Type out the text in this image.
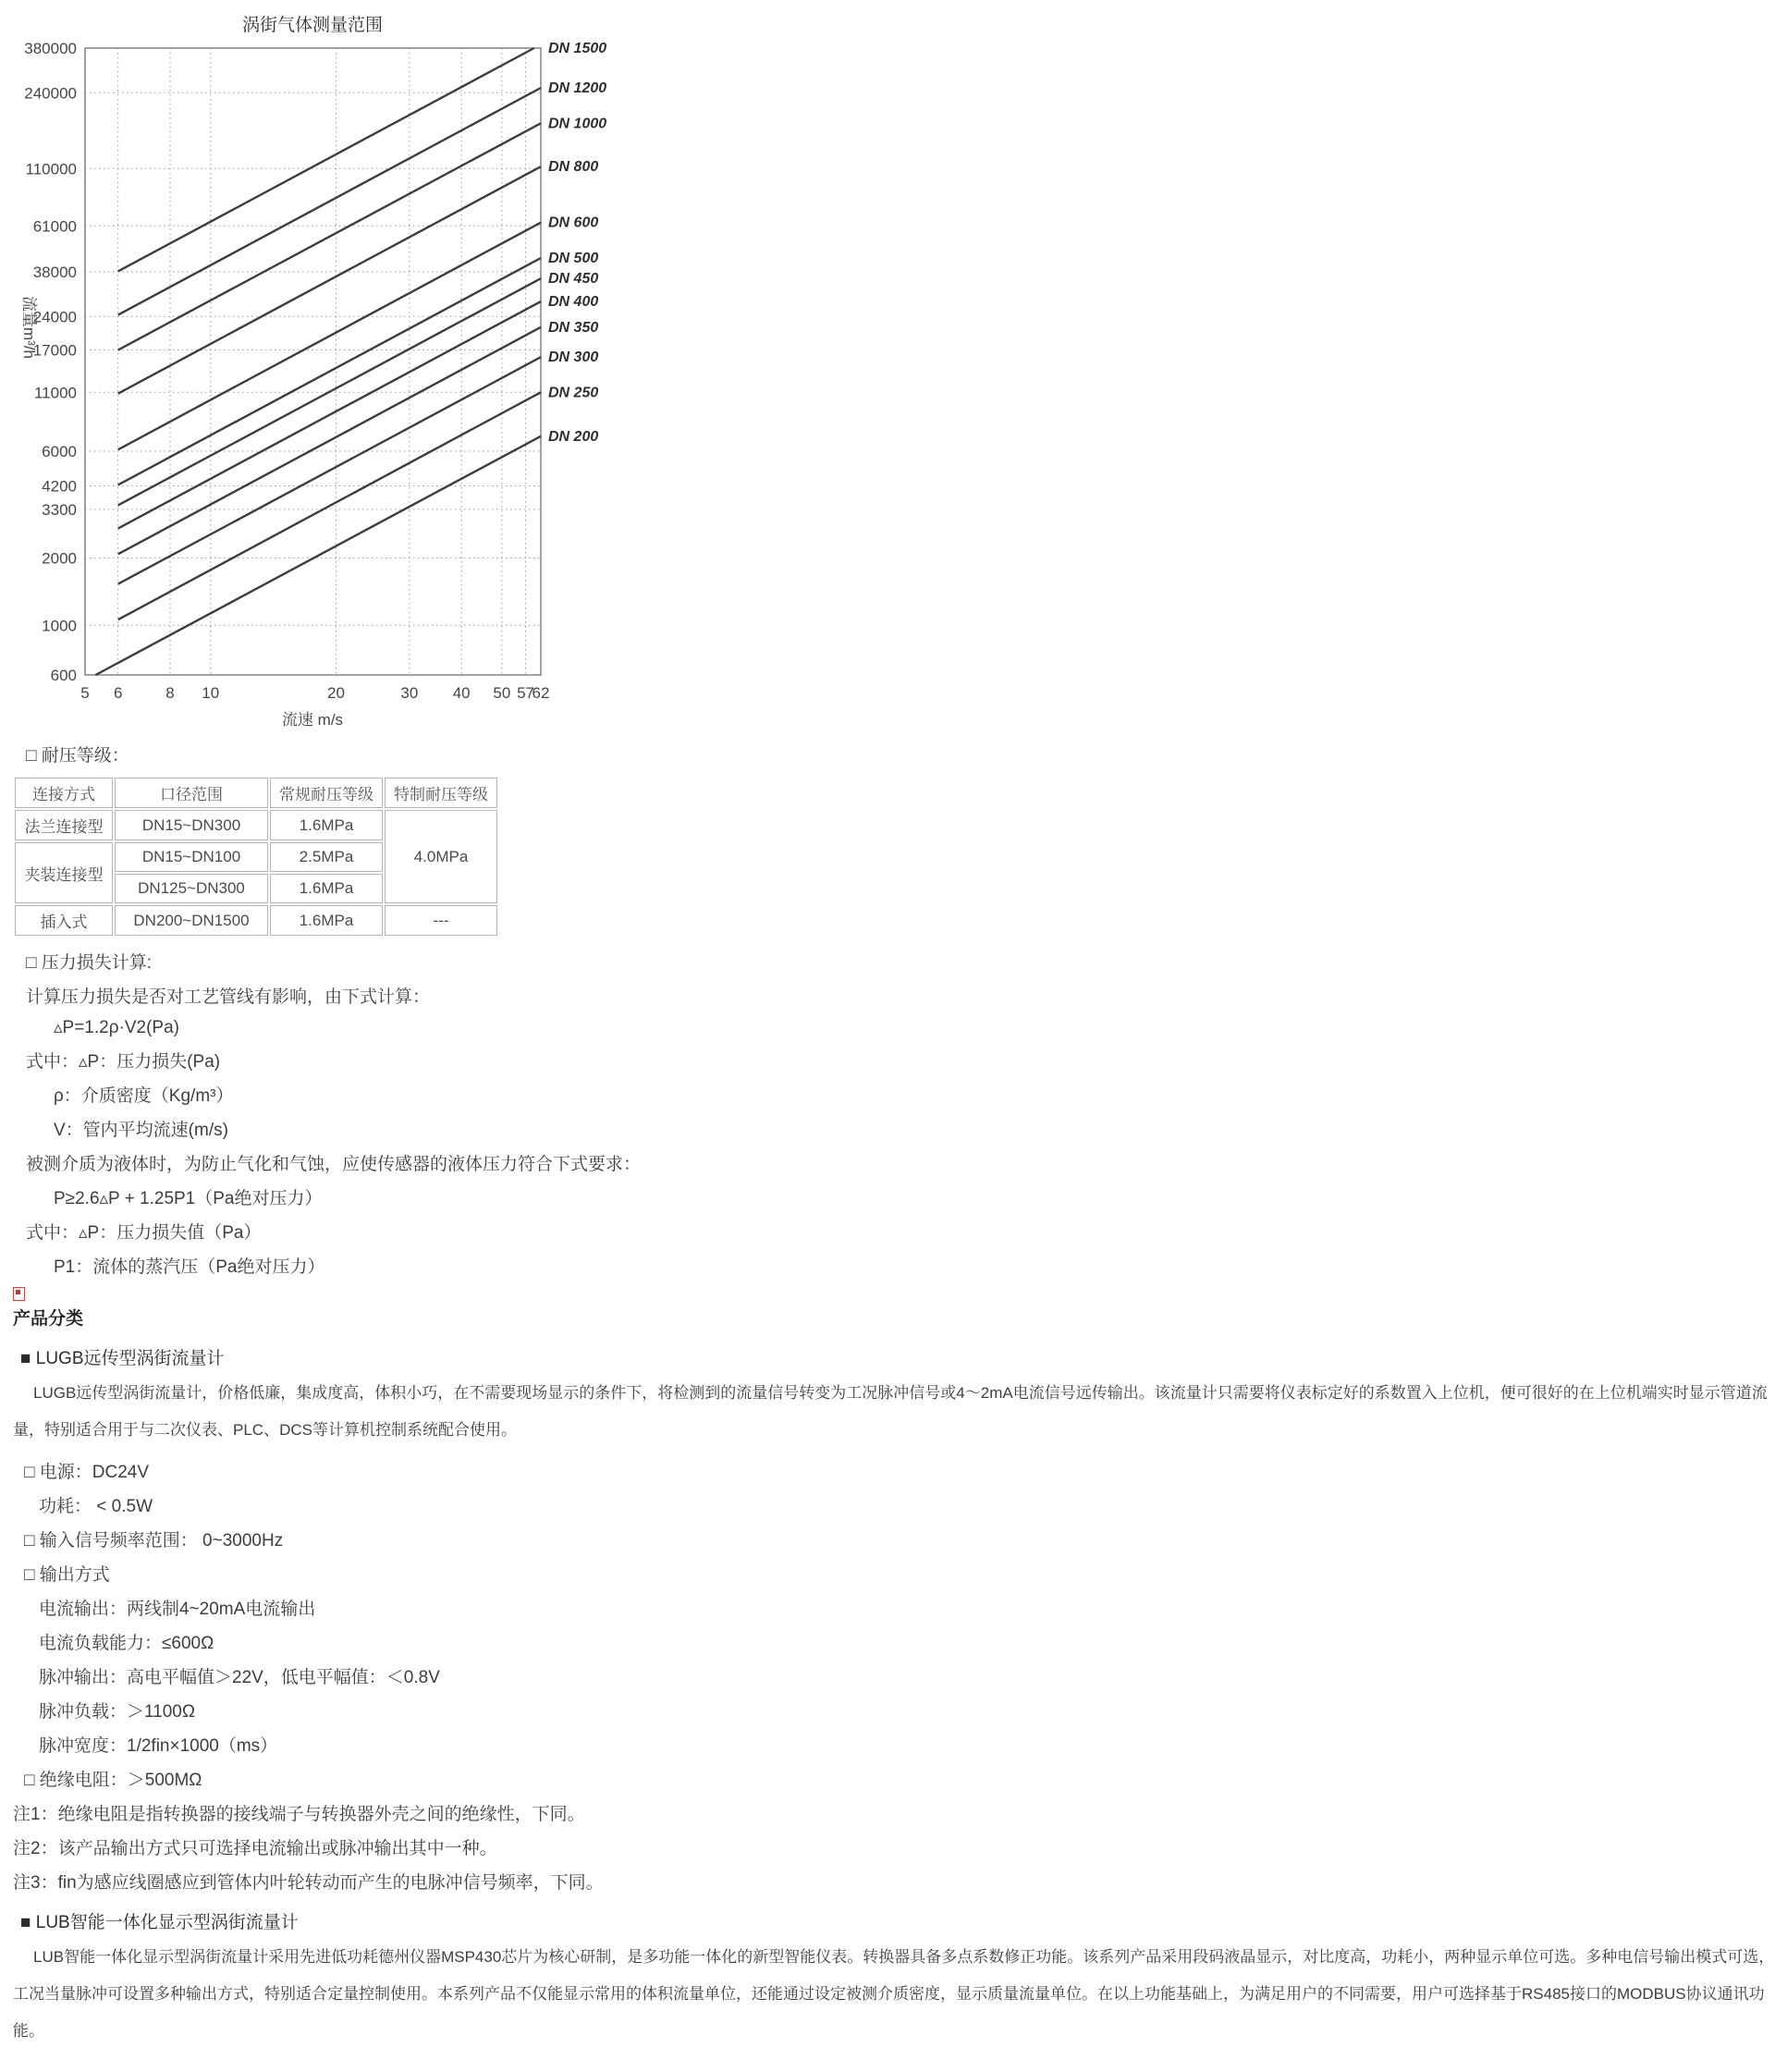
涡街气体测量范围
流速 m/s
流量m³/h
5 6	8 10	20	30 40 50 57
62
600
1000
2000
3300
4200
6000
11000
17000
24000
38000
61000
110000
240000
380000	DN 1500
DN 1200
DN 1000
DN 800
DN 600
DN 500
DN 450
DN 400
DN 350
DN 300
DN 250
DN 200
□ 耐压等级：
连接方式	口径范围	常规耐压等级	特制耐压等级
法兰连接型	DN15~DN300	1.6MPa	4.0MPa
夹装连接型	DN15~DN100	2.5MPa	
	DN125~DN300	1.6MPa	
插入式	DN200~DN1500	1.6MPa	---
□ 压力损失计算:
计算压力损失是否对工艺管线有影响，由下式计算：
▵P=1.2ρ·V2(Pa)
式中：▵P：压力损失(Pa)
ρ：介质密度（Kg/m³）
V：管内平均流速(m/s)
被测介质为液体时，为防止气化和气蚀，应使传感器的液体压力符合下式要求：
P≥2.6▵P + 1.25P1（Pa绝对压力）
式中：▵P：压力损失值（Pa）
P1：流体的蒸汽压（Pa绝对压力）
产品分类
■ LUGB远传型涡街流量计
LUGB远传型涡街流量计，价格低廉，集成度高，体积小巧，在不需要现场显示的条件下，将检测到的流量信号转变为工况脉冲信号或4～2mA电流信号远传输出。该流量计只需要将仪表标定好的系数置入上位机，便可很好的在上位机端实时显示管道流
量，特别适合用于与二次仪表、PLC、DCS等计算机控制系统配合使用。
□ 电源：DC24V
功耗： < 0.5W
□ 输入信号频率范围： 0~3000Hz
□ 输出方式
电流输出：两线制4~20mA电流输出
电流负载能力：≤600Ω
脉冲输出：高电平幅值＞22V，低电平幅值：＜0.8V
脉冲负载：＞1100Ω
脉冲宽度：1/2fin×1000（ms）
□ 绝缘电阻：＞500MΩ
注1：绝缘电阻是指转换器的接线端子与转换器外壳之间的绝缘性，下同。
注2：该产品输出方式只可选择电流输出或脉冲输出其中一种。
注3：fin为感应线圈感应到管体内叶轮转动而产生的电脉冲信号频率，下同。
■ LUB智能一体化显示型涡街流量计
LUB智能一体化显示型涡街流量计采用先进低功耗德州仪器MSP430芯片为核心研制，是多功能一体化的新型智能仪表。转换器具备多点系数修正功能。该系列产品采用段码液晶显示，对比度高，功耗小，两种显示单位可选。多种电信号输出模式可选，
工况当量脉冲可设置多种输出方式，特别适合定量控制使用。本系列产品不仅能显示常用的体积流量单位，还能通过设定被测介质密度，显示质量流量单位。在以上功能基础上，为满足用户的不同需要，用户可选择基于RS485接口的MODBUS协议通讯功
能。
